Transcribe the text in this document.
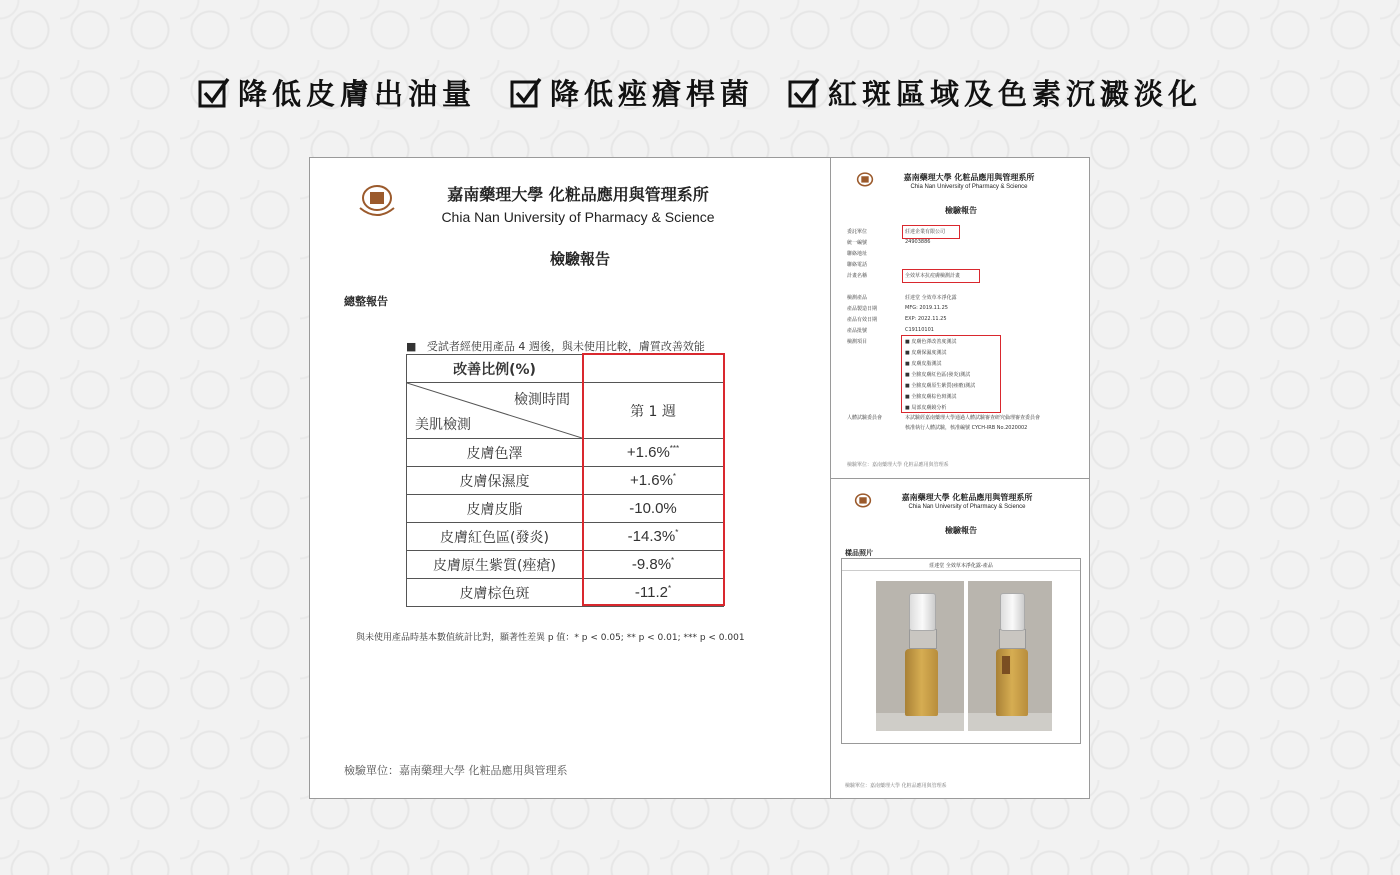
降低皮膚出油量	降低痤瘡桿菌	紅斑區域及色素沉澱淡化
嘉南藥理大學 化粧品應用與管理系所
Chia Nan University of Pharmacy & Science
檢驗報告
總整報告
■ 受試者經使用產品 4 週後，與未使用比較，膚質改善效能
改善比例(%)	

檢測時間
美肌檢測	第 1 週
皮膚色澤	+1.6%***
皮膚保濕度	+1.6%*
皮膚皮脂	-10.0%
皮膚紅色區(發炎)	-14.3%*
皮膚原生紫質(痤瘡)	-9.8%*
皮膚棕色斑	-11.2*
與未使用產品時基本數值統計比對，顯著性差異 p 值：* p < 0.05; ** p < 0.01; *** p < 0.001
檢驗單位：嘉南藥理大學 化粧品應用與管理系
嘉南藥理大學 化粧品應用與管理系所
Chia Nan University of Pharmacy & Science
檢驗報告
委託單位	莊達企業有限公司
統一編號	24903886
聯絡地址
聯絡電話
計畫名稱	全效草本抗痘膚檢測計畫
檢測產品	莊達堂 全效草本淨化露
產品製造日期	MFG: 2019.11.25
產品有效日期	EXP: 2022.11.25
產品批號	C19110101
檢測項目	■ 皮膚色澤改善度測試
■ 皮膚保濕度測試
■ 皮膚皮脂測試
■ 全臉皮膚紅色區(發炎)測試
■ 全臉皮膚原生紫質(痤瘡)測試
■ 全臉皮膚棕色斑測試
■ 局部皮膚鏡分析
人體試驗委員會	本試驗經嘉南藥理大學通過人體試驗審查研究倫理審查委員會
核准執行人體試驗，核准編號 CYCH-IRB No.2020002
檢驗單位：嘉南藥理大學 化粧品應用與管理系
嘉南藥理大學 化粧品應用與管理系所
Chia Nan University of Pharmacy & Science
檢驗報告
樣品照片
莊達堂 全效草本淨化露-產品
檢驗單位：嘉南藥理大學 化粧品應用與管理系
